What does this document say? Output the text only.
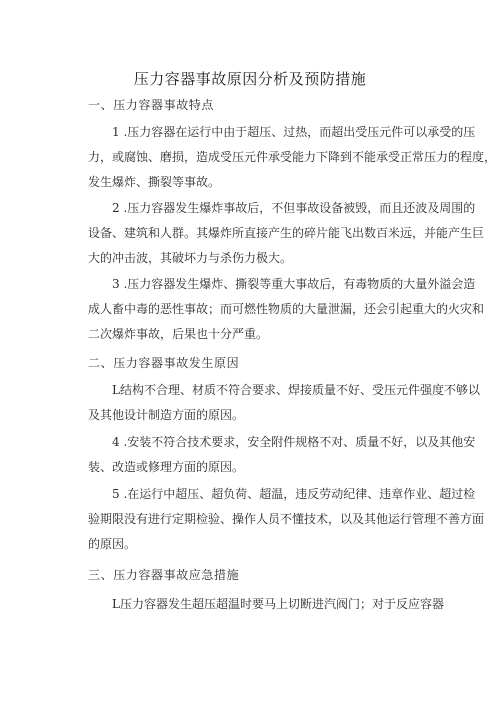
压力容器事故原因分析及预防措施
一、压力容器事故特点
1 .压力容器在运行中由于超压、过热，而超出受压元件可以承受的压
力，或腐蚀、磨损，造成受压元件承受能力下降到不能承受正常压力的程度，
发生爆炸、撕裂等事故。
2 .压力容器发生爆炸事故后，不但事故设备被毁，而且还波及周围的
设备、建筑和人群。其爆炸所直接产生的碎片能飞出数百米远，并能产生巨
大的冲击波，其破坏力与杀伤力极大。
3 .压力容器发生爆炸、撕裂等重大事故后，有毒物质的大量外溢会造
成人畜中毒的恶性事故；而可燃性物质的大量泄漏，还会引起重大的火灾和
二次爆炸事故，后果也十分严重。
二、压力容器事故发生原因
L结构不合理、材质不符合要求、焊接质量不好、受压元件强度不够以
及其他设计制造方面的原因。
4 .安装不符合技术要求，安全附件规格不对、质量不好，以及其他安
装、改造或修理方面的原因。
5 .在运行中超压、超负荷、超温，违反劳动纪律、违章作业、超过检
验期限没有进行定期检验、操作人员不懂技术，以及其他运行管理不善方面
的原因。
三、压力容器事故应急措施
L压力容器发生超压超温时要马上切断进汽阀门；对于反应容器
